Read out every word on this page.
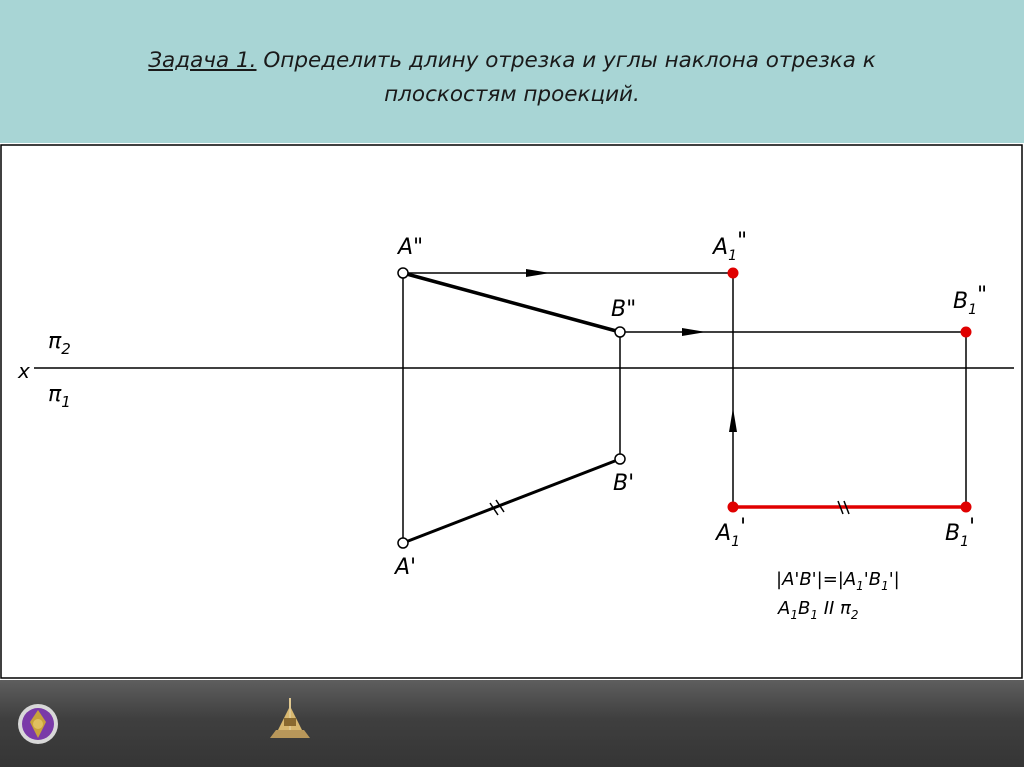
Задача 1. Определить длину отрезка и углы наклона отрезка к
плоскостям проекций.
x
$\pi_2$
$\pi_1$
A"
B"
B'
A'
$A_1$"
$B_1$"
$A_1'$	$B_1'$
$|A'B'|=|A_1'B_1'|$
$A_1B_1$ II $\pi_2$
